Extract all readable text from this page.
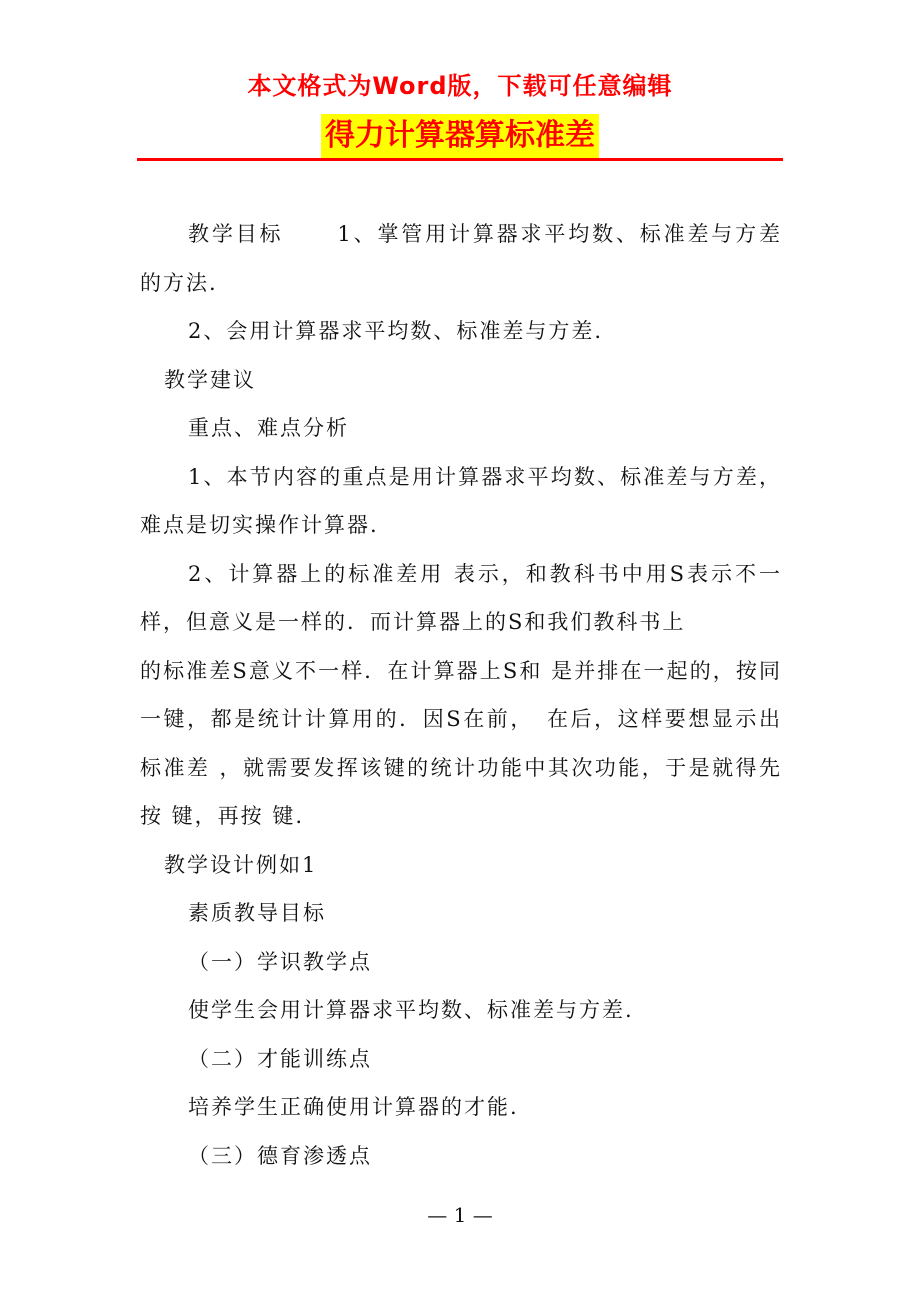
本文格式为Word版，下载可任意编辑
得力计算器算标准差

教学目标	1、掌管用计算器求平均数、标准差与方差的方法.

2、会用计算器求平均数、标准差与方差.

教学建议

重点、难点分析

1、本节内容的重点是用计算器求平均数、标准差与方差，难点是切实操作计算器.

2、计算器上的标准差用 表示，和教科书中用S表示不一样，但意义是一样的．而计算器上的S和我们教科书上

的标准差S意义不一样．在计算器上S和 是并排在一起的，按同一键，都是统计计算用的．因S在前，　在后，这样要想显示出标准差 ，就需要发挥该键的统计功能中其次功能，于是就得先按 键，再按 键.

教学设计例如1

素质教导目标

（一）学识教学点

使学生会用计算器求平均数、标准差与方差.

（二）才能训练点

培养学生正确使用计算器的才能.

（三）德育渗透点

— 1 —
